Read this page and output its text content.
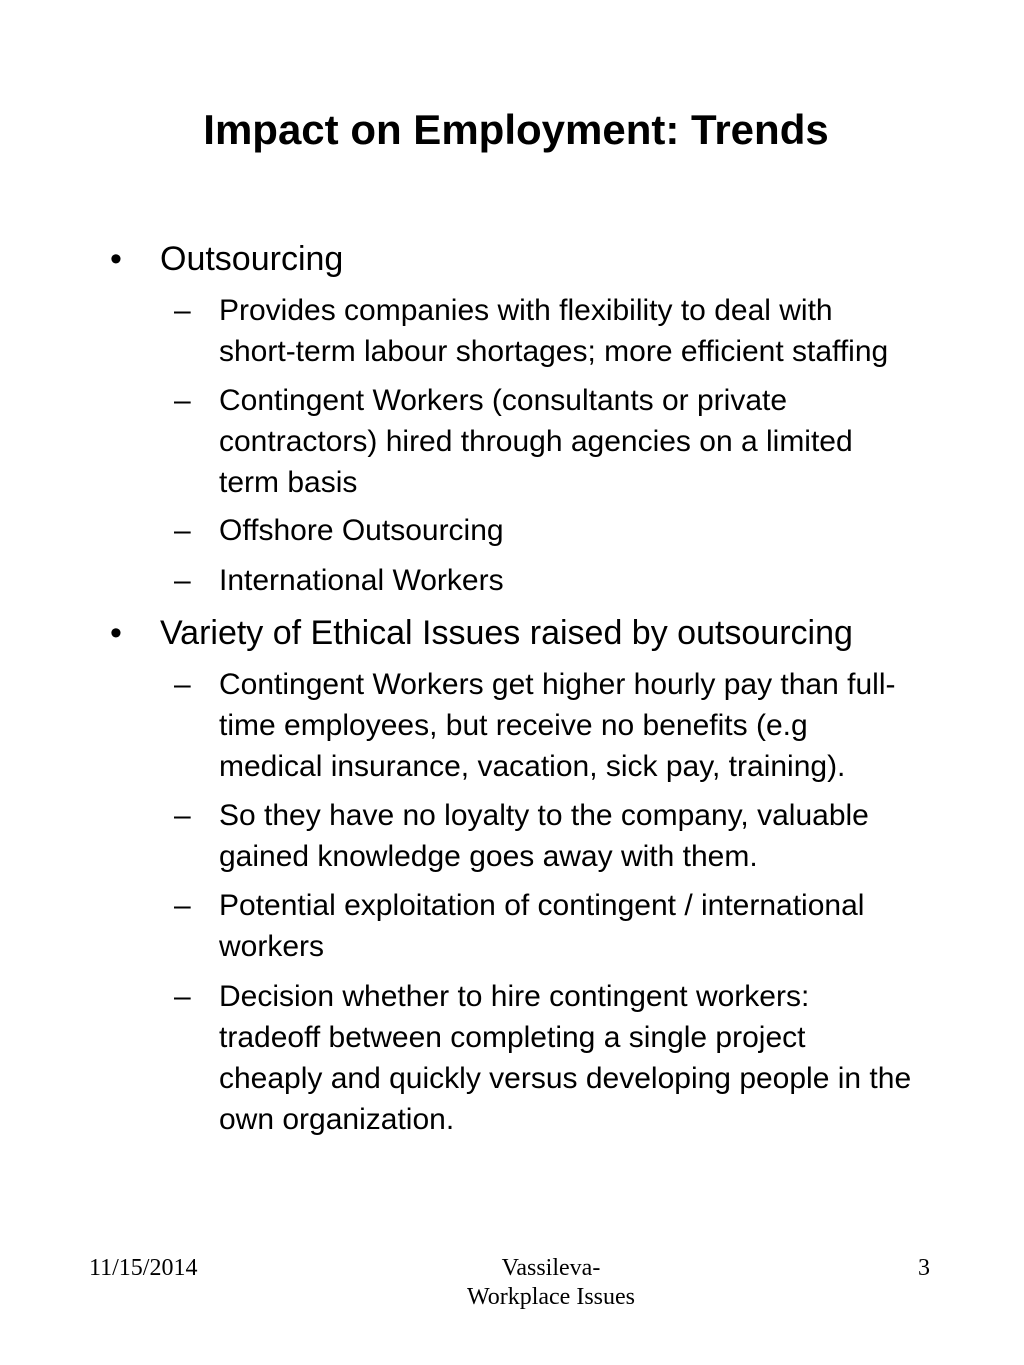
Impact on Employment: Trends
• Outsourcing
– Provides companies with flexibility to deal with
short-term labour shortages; more efficient staffing
– Contingent Workers (consultants or private
contractors) hired through agencies on a limited
term basis
– Offshore Outsourcing
– International Workers
• Variety of Ethical Issues raised by outsourcing
– Contingent Workers get higher hourly pay than full-
time employees, but receive no benefits (e.g
medical insurance, vacation, sick pay, training).
– So they have no loyalty to the company, valuable
gained knowledge goes away with them.
– Potential exploitation of contingent / international
workers
– Decision whether to hire contingent workers:
tradeoff between completing a single project
cheaply and quickly versus developing people in the
own organization.
11/15/2014	Vassileva-
Workplace Issues
3
